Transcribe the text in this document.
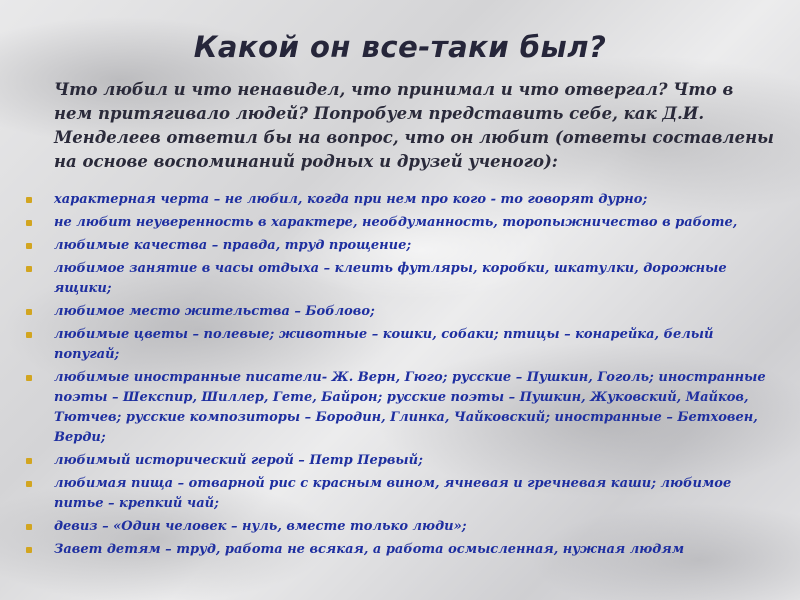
Какой он все-таки был?
Что любил и что ненавидел, что принимал и что отвергал? Что в нем притягивало людей? Попробуем представить себе, как Д.И. Менделеев ответил бы на вопрос, что он любит (ответы составлены на основе воспоминаний родных и друзей ученого):
характерная черта – не любил, когда при нем про кого - то говорят дурно;
не любит неуверенность в характере, необдуманность, торопыжничество в работе,
любимые качества – правда, труд прощение;
любимое занятие в часы отдыха – клеить футляры, коробки, шкатулки, дорожные ящики;
любимое место жительства – Боблово;
любимые цветы – полевые; животные – кошки, собаки; птицы – конарейка, белый попугай;
любимые иностранные писатели- Ж. Верн, Гюго; русские – Пушкин, Гоголь; иностранные поэты – Шекспир, Шиллер, Гете, Байрон; русские поэты – Пушкин, Жуковский, Майков, Тютчев; русские композиторы – Бородин, Глинка, Чайковский; иностранные – Бетховен, Верди;
любимый исторический герой – Петр Первый;
любимая пища – отварной рис с красным вином, ячневая и гречневая каши; любимое питье – крепкий чай;
девиз – «Один человек – нуль, вместе только люди»;
Завет детям – труд, работа не всякая, а работа осмысленная, нужная людям
